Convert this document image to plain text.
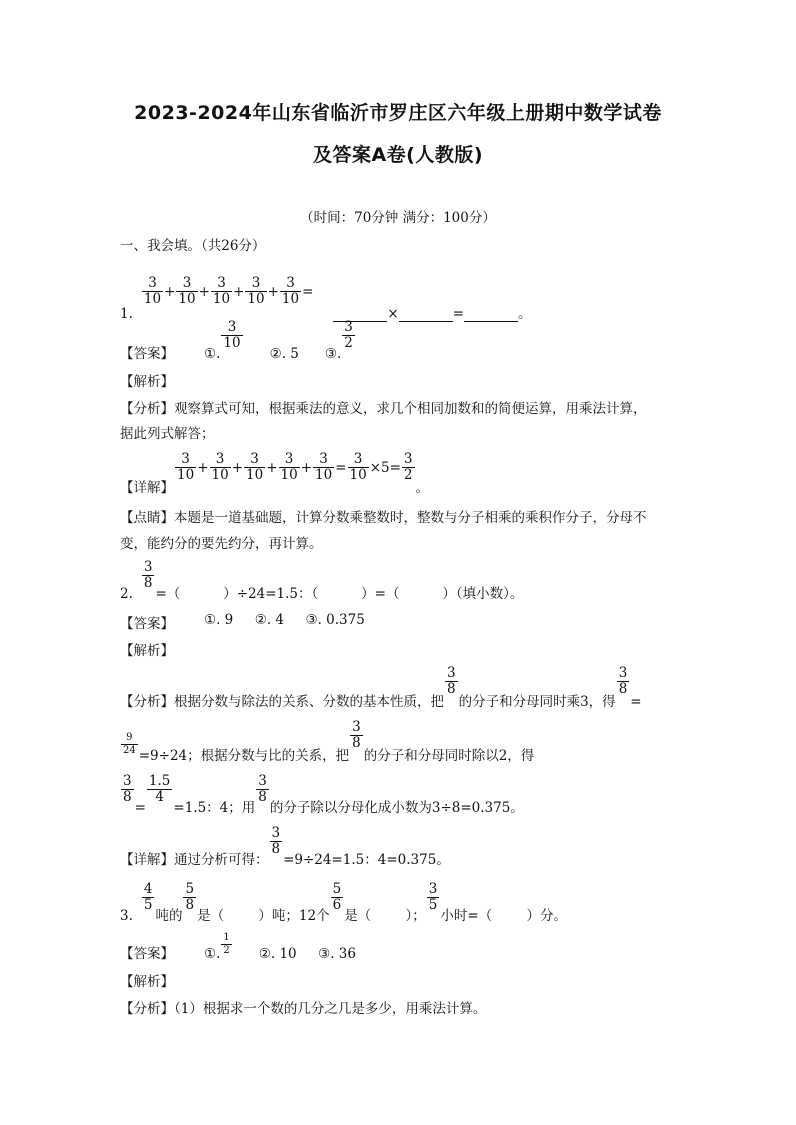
2023-2024年山东省临沂市罗庄区六年级上册期中数学试卷
及答案A卷(人教版)
（时间：70分钟 满分：100分）
一、我会填。（共26分）
1.
$\frac{3}{10} + \frac{3}{10} + \frac{3}{10} + \frac{3}{10} + \frac{3}{10}$ =
×	=	。
【答案】 ①.
$\frac{3}{10}$
②. 5 ③.
$\frac{3}{2}$
【解析】
【分析】观察算式可知，根据乘法的意义，求几个相同加数和的简便运算，用乘法计算，
据此列式解答；
【详解】
$\frac{3}{10} + \frac{3}{10} + \frac{3}{10} + \frac{3}{10} + \frac{3}{10} = \frac{3}{10} \times 5= \frac{3}{2}$
。
【点睛】本题是一道基础题，计算分数乘整数时，整数与分子相乘的乘积作分子，分母不
变，能约分的要先约分，再计算。
2.
$\frac{3}{8}$
=（          ）÷24=1.5：（          ）=（          ）（填小数）。
【答案】 ①. 9     ②. 4     ③. 0.375
【解析】
【分析】 根据分数与除法的关系、分数的基本性质，把
$\frac{3}{8}$
的分子和分母同时乘3，得
$\frac{3}{8}$
=
$\frac{9}{24} =9\div 24$；根据分数与比的关系，把
$\frac{3}{8}$
的分子和分母同时除以2，得
$\frac{3}{8}$
=
$\frac{1.5}{4}$
=1.5：4；用
$\frac{3}{8}$
的分子除以分母化成小数为3÷8=0.375。
【详解】 通过分析可得：
$\frac{3}{8}$
=9÷24=1.5：4=0.375。
3.
$\frac{4}{5}$
吨的
$\frac{5}{8}$
是（        ）吨；12个
$\frac{5}{6}$
是（        ）；
$\frac{3}{5}$
小时=（        ）分。
【答案】 ①. $\frac{1}{2}$ ②. 10     ③. 36
【解析】
【分析】（1）根据求一个数的几分之几是多少，用乘法计算。
